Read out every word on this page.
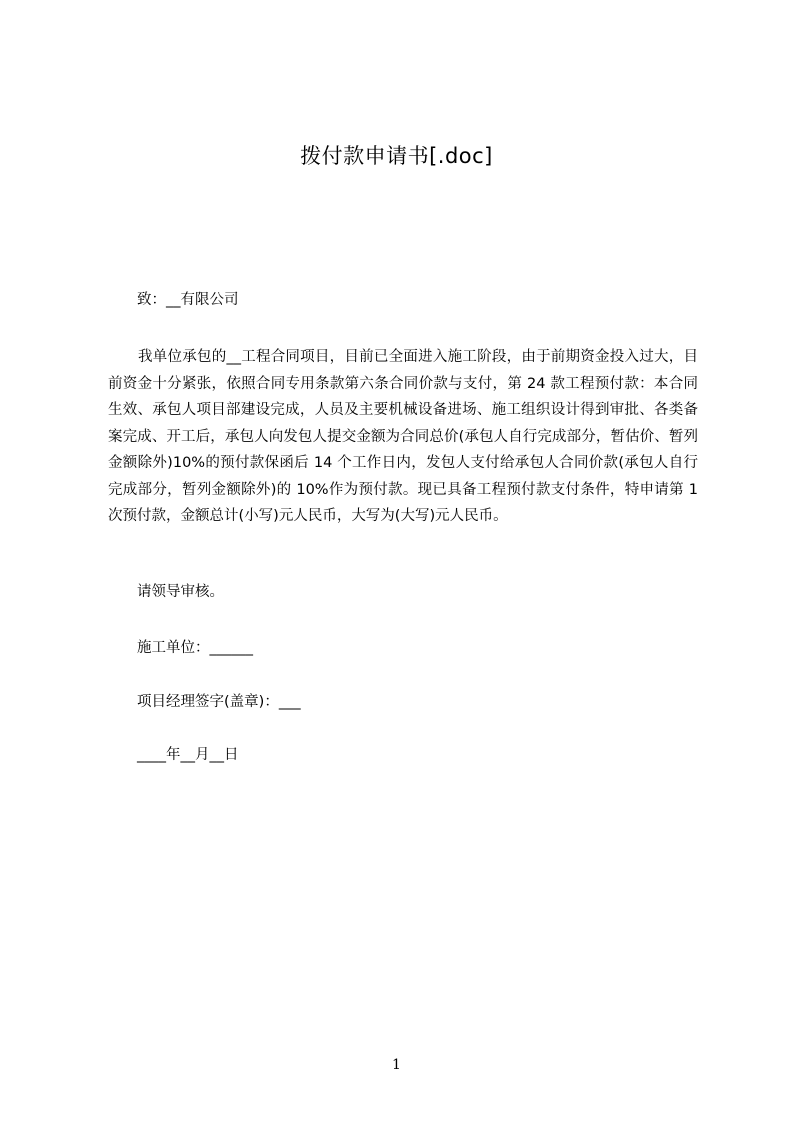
拨付款申请书[.doc]
致：__有限公司
我单位承包的__工程合同项目，目前已全面进入施工阶段，由于前期资金投入过大，目前资金十分紧张，依照合同专用条款第六条合同价款与支付，第 24 款工程预付款：本合同生效、承包人项目部建设完成，人员及主要机械设备进场、施工组织设计得到审批、各类备案完成、开工后，承包人向发包人提交金额为合同总价(承包人自行完成部分，暂估价、暂列金额除外)10%的预付款保函后 14 个工作日内，发包人支付给承包人合同价款(承包人自行完成部分，暂列金额除外)的 10%作为预付款。现已具备工程预付款支付条件，特申请第 1 次预付款，金额总计(小写)元人民币，大写为(大写)元人民币。
请领导审核。
施工单位：______
项目经理签字(盖章)：___
____年__月__日
1
